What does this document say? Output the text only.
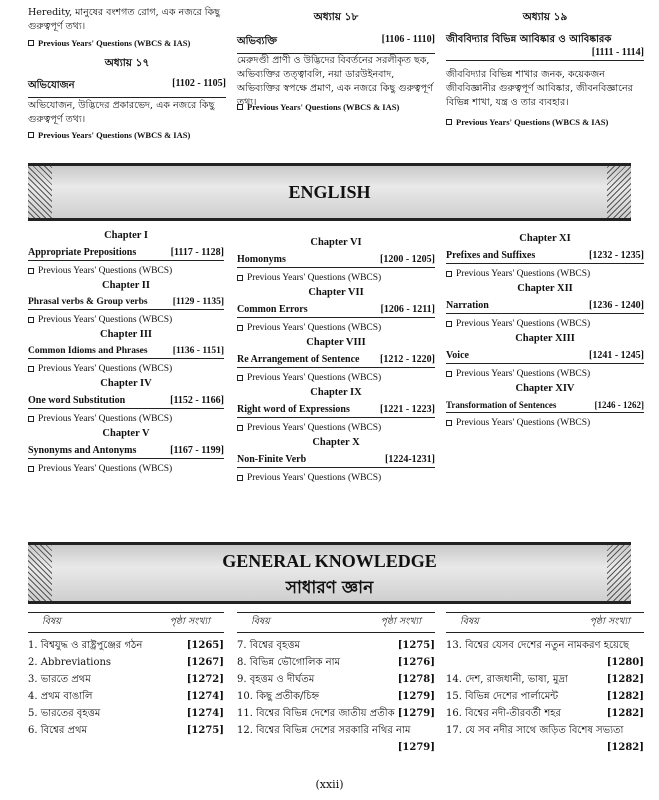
Heredity, মানুষের বংশগত রোগ, এক নজরে কিছু গুরুত্বপূর্ণ তথ্য।
Previous Years' Questions (WBCS & IAS)
অধ্যায় ১৭
অভিযোজন	[1102 - 1105]
অভিযোজন, উদ্ভিদের প্রকারভেদ, এক নজরে কিছু গুরুত্বপূর্ণ তথ্য।
Previous Years' Questions (WBCS & IAS)
অধ্যায় ১৮
অভিব্যক্তি	[1106 - 1110]
মেরুদণ্ডী প্রাণী ও উদ্ভিদের বিবর্তনের সরলীকৃত ছক, অভিব্যক্তির তত্ত্বাবলি, নয়া ডারউইনবাদ, অভিব্যক্তির স্বপক্ষে প্রমাণ, এক নজরে কিছু গুরুত্বপূর্ণ তথ্য।
Previous Years' Questions (WBCS & IAS)
অধ্যায় ১৯
জীববিদ্যার বিভিন্ন আবিষ্কার ও আবিষ্কারক
[1111 - 1114]
জীববিদ্যার বিভিন্ন শাখার জনক, কয়েকজন জীববিজ্ঞানীর গুরুত্বপূর্ণ আবিষ্কার, জীবনবিজ্ঞানের বিভিন্ন শাখা, যন্ত্র ও তার ব্যবহার।
Previous Years' Questions (WBCS & IAS)
ENGLISH
Chapter I
Appropriate Prepositions	[1117 - 1128]
Previous Years' Questions (WBCS)
Chapter II
Phrasal verbs & Group verbs	[1129 - 1135]
Previous Years' Questions (WBCS)
Chapter III
Common Idioms and Phrases	[1136 - 1151]
Previous Years' Questions (WBCS)
Chapter IV
One word Substitution	[1152 - 1166]
Previous Years' Questions (WBCS)
Chapter V
Synonyms and Antonyms	[1167 - 1199]
Previous Years' Questions (WBCS)
Chapter VI
Homonyms	[1200 - 1205]
Previous Years' Questions (WBCS)
Chapter VII
Common Errors	[1206 - 1211]
Previous Years' Questions (WBCS)
Chapter VIII
Re Arrangement of Sentence [1212 - 1220]
Previous Years' Questions (WBCS)
Chapter IX
Right word of Expressions	[1221 - 1223]
Previous Years' Questions (WBCS)
Chapter X
Non-Finite Verb	[1224-1231]
Previous Years' Questions (WBCS)
Chapter XI
Prefixes and Suffixes	[1232 - 1235]
Previous Years' Questions (WBCS)
Chapter XII
Narration	[1236 - 1240]
Previous Years' Questions (WBCS)
Chapter XIII
Voice	[1241 - 1245]
Previous Years' Questions (WBCS)
Chapter XIV
Transformation of Sentences	[1246 - 1262]
Previous Years' Questions (WBCS)
GENERAL KNOWLEDGE
সাধারণ জ্ঞান
বিষয়	পৃষ্ঠা সংখ্যা
1. বিশ্বযুদ্ধ ও রাষ্ট্রপুঞ্জের গঠন	[1265]
2. Abbreviations	[1267]
3. ভারতে প্রথম	[1272]
4. প্রথম বাঙালি	[1274]
5. ভারতের বৃহত্তম	[1274]
6. বিশ্বের প্রথম	[1275]
বিষয়	পৃষ্ঠা সংখ্যা
7. বিশ্বের বৃহত্তম	[1275]
8. বিভিন্ন ভৌগোলিক নাম	[1276]
9. বৃহত্তম ও দীর্ঘতম	[1278]
10. কিছু প্রতীক/চিহ্ন	[1279]
11. বিশ্বের বিভিন্ন দেশের জাতীয় প্রতীক [1279]
12. বিশ্বের বিভিন্ন দেশের সরকারি নথির নাম
[1279]
বিষয়	পৃষ্ঠা সংখ্যা
13. বিশ্বের যেসব দেশের নতুন নামকরণ হয়েছে
[1280]
14. দেশ, রাজধানী, ভাষা, মুদ্রা	[1282]
15. বিভিন্ন দেশের পার্লামেন্ট	[1282]
16. বিশ্বের নদী-তীরবর্তী শহর	[1282]
17. যে সব নদীর সাথে জড়িত বিশেষ সভ্যতা
[1282]
(xxii)
